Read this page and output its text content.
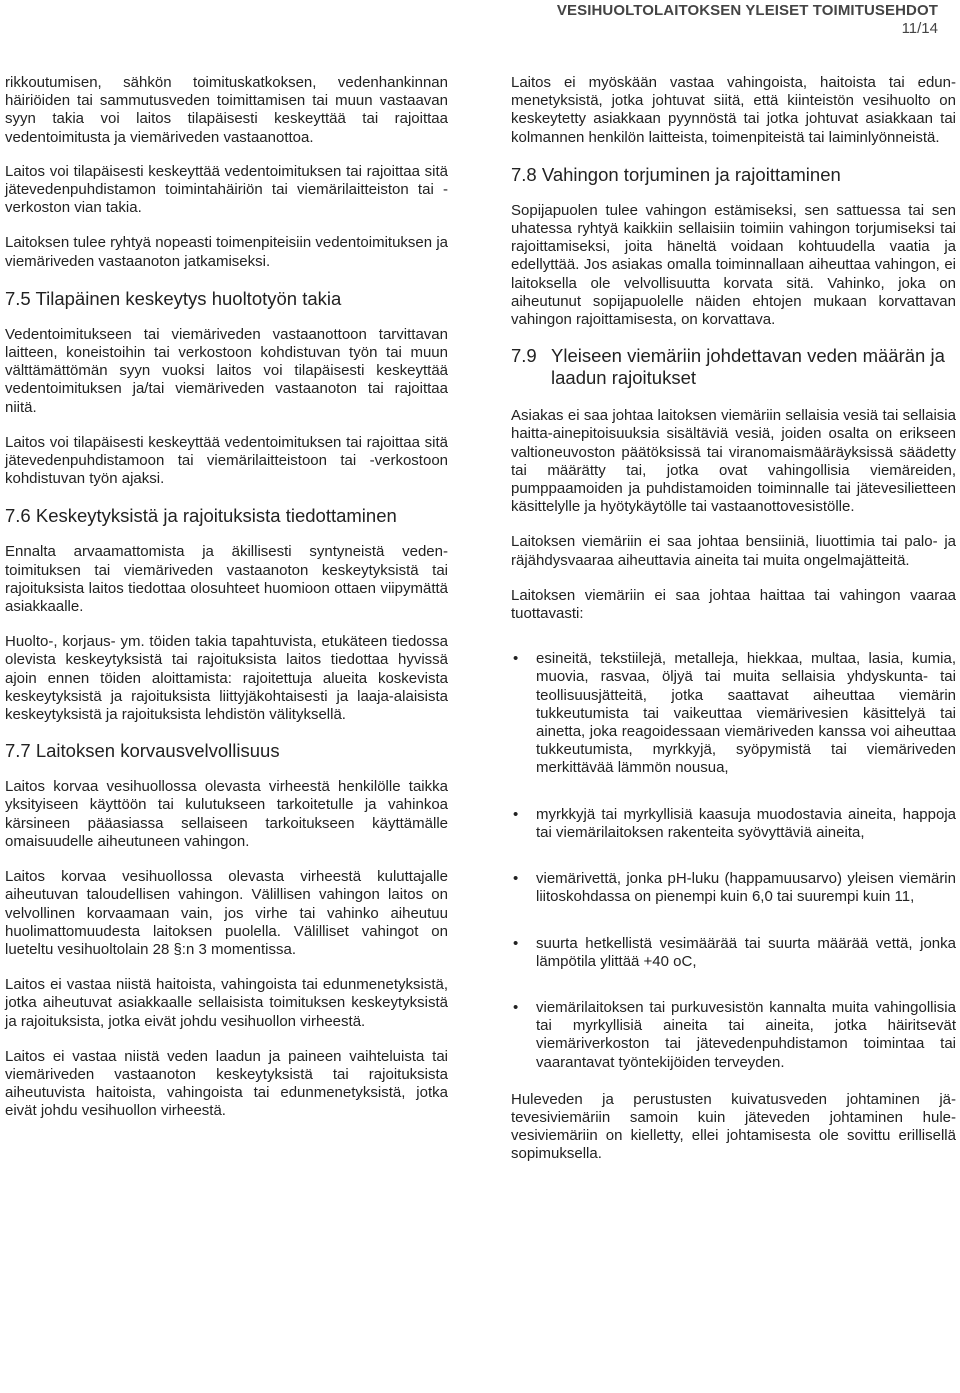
VESIHUOLTOLAITOKSEN YLEISET TOIMITUSEHDOT
11/14

rikkoutumisen, sähkön toimituskatkoksen, vedenhankinnan häiriöiden tai sammutusveden toimittamisen tai muun vastaavan syyn takia voi laitos tilapäisesti keskeyttää tai rajoittaa vedentoimitusta ja viemäriveden vastaanottoa.

Laitos voi tilapäisesti keskeyttää vedentoimituksen tai rajoittaa sitä jätevedenpuhdistamon toimintahäiriön tai viemärilaitteiston tai -verkoston vian takia.

Laitoksen tulee ryhtyä nopeasti toimenpiteisiin vedentoimituksen ja viemäriveden vastaanoton jatkamiseksi.

7.5 Tilapäinen keskeytys huoltotyön takia

Vedentoimitukseen tai viemäriveden vastaanottoon tarvittavan laitteen, koneistoihin tai verkostoon kohdistuvan työn tai muun välttämättömän syyn vuoksi laitos voi tilapäisesti keskeyttää vedentoimituksen ja/tai viemäriveden vastaanoton tai rajoittaa niitä.

Laitos voi tilapäisesti keskeyttää vedentoimituksen tai rajoittaa sitä jätevedenpuhdistamoon tai viemärilaitteistoon tai -verkostoon kohdistuvan työn ajaksi.

7.6 Keskeytyksistä ja rajoituksista tiedottaminen

Ennalta arvaamattomista ja äkillisesti syntyneistä vedentoimituksen tai viemäriveden vastaanoton keskeytyksistä tai rajoituksista laitos tiedottaa olosuhteet huomioon ottaen viipymättä asiakkaalle.

Huolto-, korjaus- ym. töiden takia tapahtuvista, etukäteen tiedossa olevista keskeytyksistä tai rajoituksista laitos tiedottaa hyvissä ajoin ennen töiden aloittamista: rajoitettuja alueita koskevista keskeytyksistä ja rajoituksista liittyjäkohtaisesti ja laaja-alaisista keskeytyksistä ja rajoituksista lehdistön välityksellä.

7.7 Laitoksen korvausvelvollisuus

Laitos korvaa vesihuollossa olevasta virheestä henkilölle taikka yksityiseen käyttöön tai kulutukseen tarkoitetulle ja vahinkoa kärsineen pääasiassa sellaiseen tarkoitukseen käyttämälle omaisuudelle aiheutuneen vahingon.

Laitos korvaa vesihuollossa olevasta virheestä kuluttajalle aiheutuvan taloudellisen vahingon. Välillisen vahingon laitos on velvollinen korvaamaan vain, jos virhe tai vahinko aiheutuu huolimattomuudesta laitoksen puolella. Välilliset vahingot on lueteltu vesihuoltolain 28 §:n 3 momentissa.

Laitos ei vastaa niistä haitoista, vahingoista tai edunmenetyksistä, jotka aiheutuvat asiakkaalle sellaisista toimituksen keskeytyksistä ja rajoituksista, jotka eivät johdu vesihuollon virheestä.

Laitos ei vastaa niistä veden laadun ja paineen vaihteluista tai viemäriveden vastaanoton keskeytyksistä tai rajoituksista aiheutuvista haitoista, vahingoista tai edunmenetyksistä, jotka eivät johdu vesihuollon virheestä.

Laitos ei myöskään vastaa vahingoista, haitoista tai edunmenetyksistä, jotka johtuvat siitä, että kiinteistön vesihuolto on keskeytetty asiakkaan pyynnöstä tai jotka johtuvat asiakkaan tai kolmannen henkilön laitteista, toimenpiteistä tai laiminlyönneistä.

7.8 Vahingon torjuminen ja rajoittaminen

Sopijapuolen tulee vahingon estämiseksi, sen sattuessa tai sen uhatessa ryhtyä kaikkiin sellaisiin toimiin vahingon torjumiseksi tai rajoittamiseksi, joita häneltä voidaan kohtuudella vaatia ja edellyttää. Jos asiakas omalla toiminnallaan aiheuttaa vahingon, ei laitoksella ole velvollisuutta korvata sitä. Vahinko, joka on aiheutunut sopijapuolelle näiden ehtojen mukaan korvattavan vahingon rajoittamisesta, on korvattava.

7.9 Yleiseen viemäriin johdettavan veden määrän ja laadun rajoitukset

Asiakas ei saa johtaa laitoksen viemäriin sellaisia vesiä tai sellaisia haitta-ainepitoisuuksia sisältäviä vesiä, joiden osalta on erikseen valtioneuvoston päätöksissä tai viranomaismääräyksissä säädetty tai määrätty tai, jotka ovat vahingollisia viemäreiden, pumppaamoiden ja puhdistamoiden toiminnalle tai jätevesilietteen käsittelylle ja hyötykäytölle tai vastaanottovesistölle.

Laitoksen viemäriin ei saa johtaa bensiiniä, liuottimia tai palo- ja räjähdysvaaraa aiheuttavia aineita tai muita ongelmajätteitä.

Laitoksen viemäriin ei saa johtaa haittaa tai vahingon vaaraa tuottavasti:

• esineitä, tekstiilejä, metalleja, hiekkaa, multaa, lasia, kumia, muovia, rasvaa, öljyä tai muita sellaisia yhdyskunta- tai teollisuusjätteitä, jotka saattavat aiheuttaa viemärin tukkeutumista tai vaikeuttaa viemärivesien käsittelyä tai ainetta, joka reagoidessaan viemäriveden kanssa voi aiheuttaa tukkeutumista, myrkkyjä, syöpymistä tai viemäriveden merkittävää lämmön nousua,
• myrkkyjä tai myrkyllisiä kaasuja muodostavia aineita, happoja tai viemärilaitoksen rakenteita syövyttäviä aineita,
• viemärivettä, jonka pH-luku (happamuusarvo) yleisen viemärin liitoskohdassa on pienempi kuin 6,0 tai suurempi kuin 11,
• suurta hetkellistä vesimäärää tai suurta määrää vettä, jonka lämpötila ylittää +40 oC,
• viemärilaitoksen tai purkuvesistön kannalta muita vahingollisia tai myrkyllisiä aineita tai aineita, jotka häiritsevät viemäriverkoston tai jätevedenpuhdistamon toimintaa tai vaarantavat työntekijöiden terveyden.

Huleveden ja perustusten kuivatusveden johtaminen jätevesiviemäriin samoin kuin jäteveden johtaminen hulevesiviemäriin on kielletty, ellei johtamisesta ole sovittu erillisellä sopimuksella.
